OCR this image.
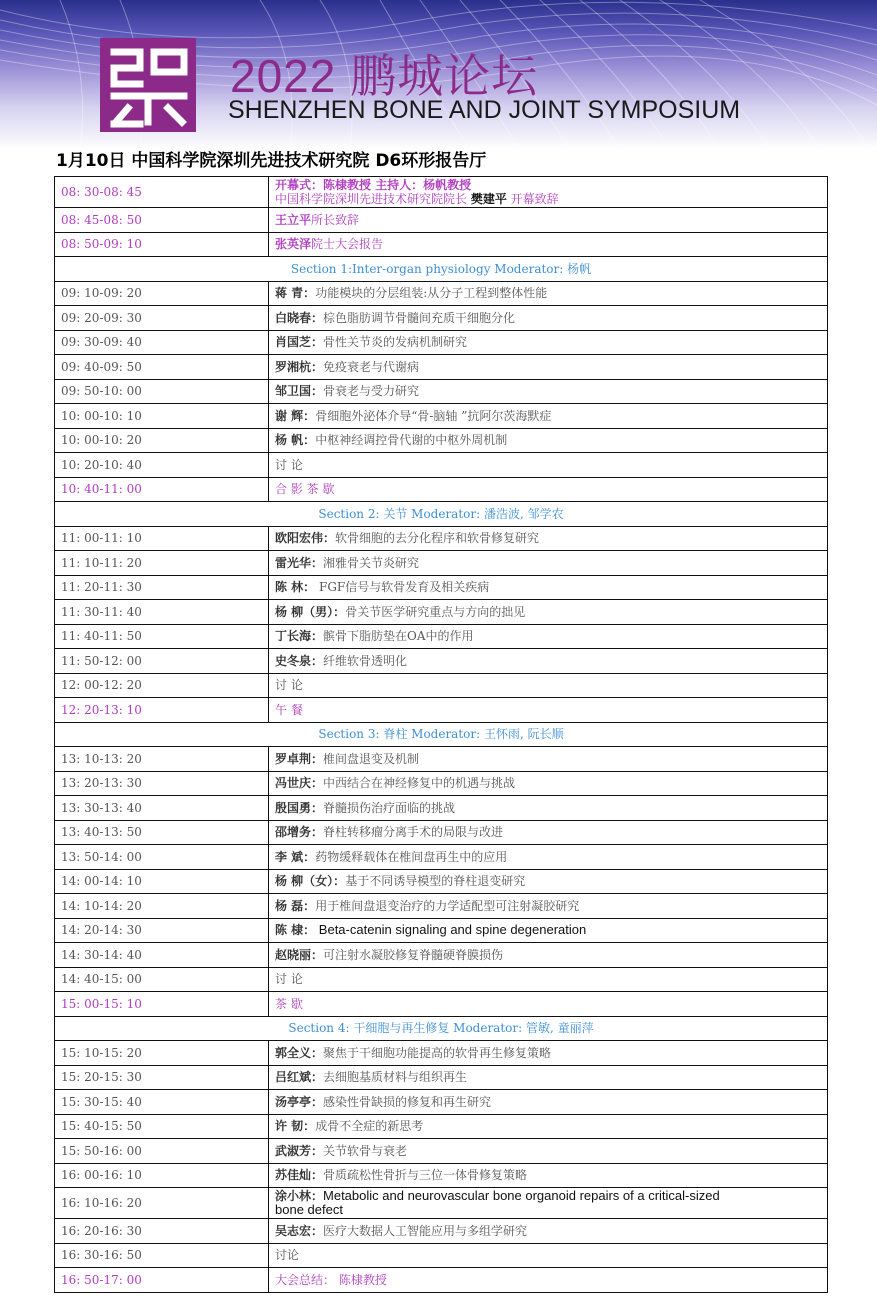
2022 鹏城论坛
SHENZHEN BONE AND JOINT SYMPOSIUM
1月10日 中国科学院深圳先进技术研究院 D6环形报告厅
08: 30-08: 45	开幕式：陈棣教授 主持人：杨帆教授
中国科学院深圳先进技术研究院院长 樊建平 开幕致辞

08: 45-08: 50	王立平所长致辞
08: 50-09: 10	张英泽院士大会报告
Section 1:Inter-organ physiology Moderator: 杨帆	
09: 10-09: 20	蒋 青：功能模块的分层组装:从分子工程到整体性能
09: 20-09: 30	白晓春：棕色脂肪调节骨髓间充质干细胞分化
09: 30-09: 40	肖国芝：骨性关节炎的发病机制研究
09: 40-09: 50	罗湘杭：免疫衰老与代谢病
09: 50-10: 00	邹卫国：骨衰老与受力研究
10: 00-10: 10	谢 辉：骨细胞外泌体介导“骨-脑轴 ”抗阿尔茨海默症
10: 00-10: 20	杨 帆：中枢神经调控骨代谢的中枢外周机制
10: 20-10: 40	讨 论
10: 40-11: 00	合 影 茶 歇
Section 2: 关节 Moderator: 潘浩波, 邹学农	
11: 00-11: 10	欧阳宏伟：软骨细胞的去分化程序和软骨修复研究
11: 10-11: 20	雷光华：湘雅骨关节炎研究
11: 20-11: 30	陈 林： FGF信号与软骨发育及相关疾病
11: 30-11: 40	杨 柳（男）：骨关节医学研究重点与方向的拙见
11: 40-11: 50	丁长海：髌骨下脂肪垫在OA中的作用
11: 50-12: 00	史冬泉：纤维软骨透明化
12: 00-12: 20	讨 论
12: 20-13: 10	午 餐
Section 3: 脊柱 Moderator: 王怀雨, 阮长顺	
13: 10-13: 20	罗卓荆：椎间盘退变及机制
13: 20-13: 30	冯世庆：中西结合在神经修复中的机遇与挑战
13: 30-13: 40	殷国勇：脊髓损伤治疗面临的挑战
13: 40-13: 50	邵增务：脊柱转移瘤分离手术的局限与改进
13: 50-14: 00	李 斌：药物缓释载体在椎间盘再生中的应用
14: 00-14: 10	杨 柳（女）：基于不同诱导模型的脊柱退变研究
14: 10-14: 20	杨 磊：用于椎间盘退变治疗的力学适配型可注射凝胶研究
14: 20-14: 30	陈 棣： Beta-catenin signaling and spine degeneration
14: 30-14: 40	赵晓丽：可注射水凝胶修复脊髓硬脊膜损伤
14: 40-15: 00	讨 论
15: 00-15: 10	茶 歇
Section 4: 干细胞与再生修复 Moderator: 管敏, 童丽萍	
15: 10-15: 20	郭全义：聚焦于干细胞功能提高的软骨再生修复策略
15: 20-15: 30	吕红斌：去细胞基质材料与组织再生
15: 30-15: 40	汤亭亭：感染性骨缺损的修复和再生研究
15: 40-15: 50	许 韧：成骨不全症的新思考
15: 50-16: 00	武淑芳：关节软骨与衰老
16: 00-16: 10	苏佳灿：骨质疏松性骨折与三位一体骨修复策略
16: 10-16: 20	涂小林：Metabolic and neurovascular bone organoid repairs of a critical-sized
bone defect

16: 20-16: 30	吴志宏：医疗大数据人工智能应用与多组学研究
16: 30-16: 50	讨论
16: 50-17: 00	大会总结： 陈棣教授
